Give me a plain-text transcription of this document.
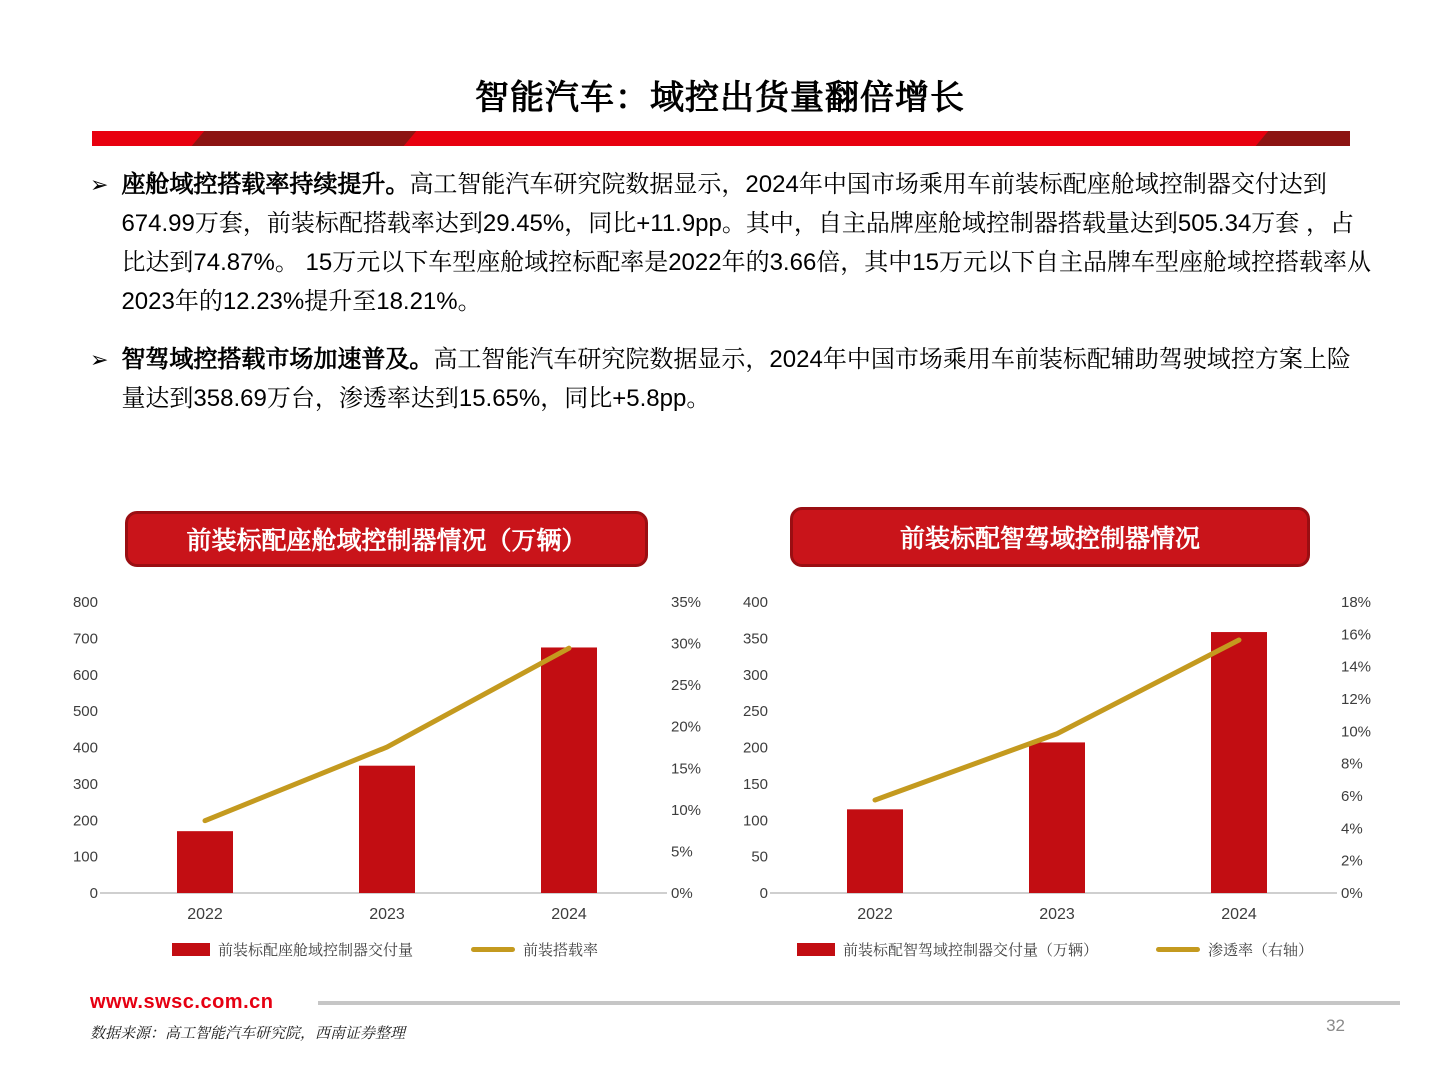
智能汽车：域控出货量翻倍增长
➢ 座舱域控搭载率持续提升。高工智能汽车研究院数据显示，2024年中国市场乘用车前装标配座舱域控制器交付达到674.99万套，前装标配搭载率达到29.45%，同比+11.9pp。其中，自主品牌座舱域控制器搭载量达到505.34万套 ，占比达到74.87%。 15万元以下车型座舱域控标配率是2022年的3.66倍，其中15万元以下自主品牌车型座舱域控搭载率从2023年的12.23%提升至18.21%。
➢ 智驾域控搭载市场加速普及。高工智能汽车研究院数据显示，2024年中国市场乘用车前装标配辅助驾驶域控方案上险量达到358.69万台，渗透率达到15.65%，同比+5.8pp。
前装标配座舱域控制器情况（万辆）	前装标配智驾域控制器情况
0
100
200
300
400
500
600
700
800
0%
5%
10%
15%
20%
25%
30%
35%
2022	2023	2024
前装标配座舱域控制器交付量	前装搭载率
0
50
100
150
200
250
300
350
400
0%
2%
4%
6%
8%
10%
12%
14%
16%
18%
2022	2023	2024
前装标配智驾域控制器交付量（万辆）	渗透率（右轴）
www.swsc.com.cn
数据来源：高工智能汽车研究院，西南证券整理	32
